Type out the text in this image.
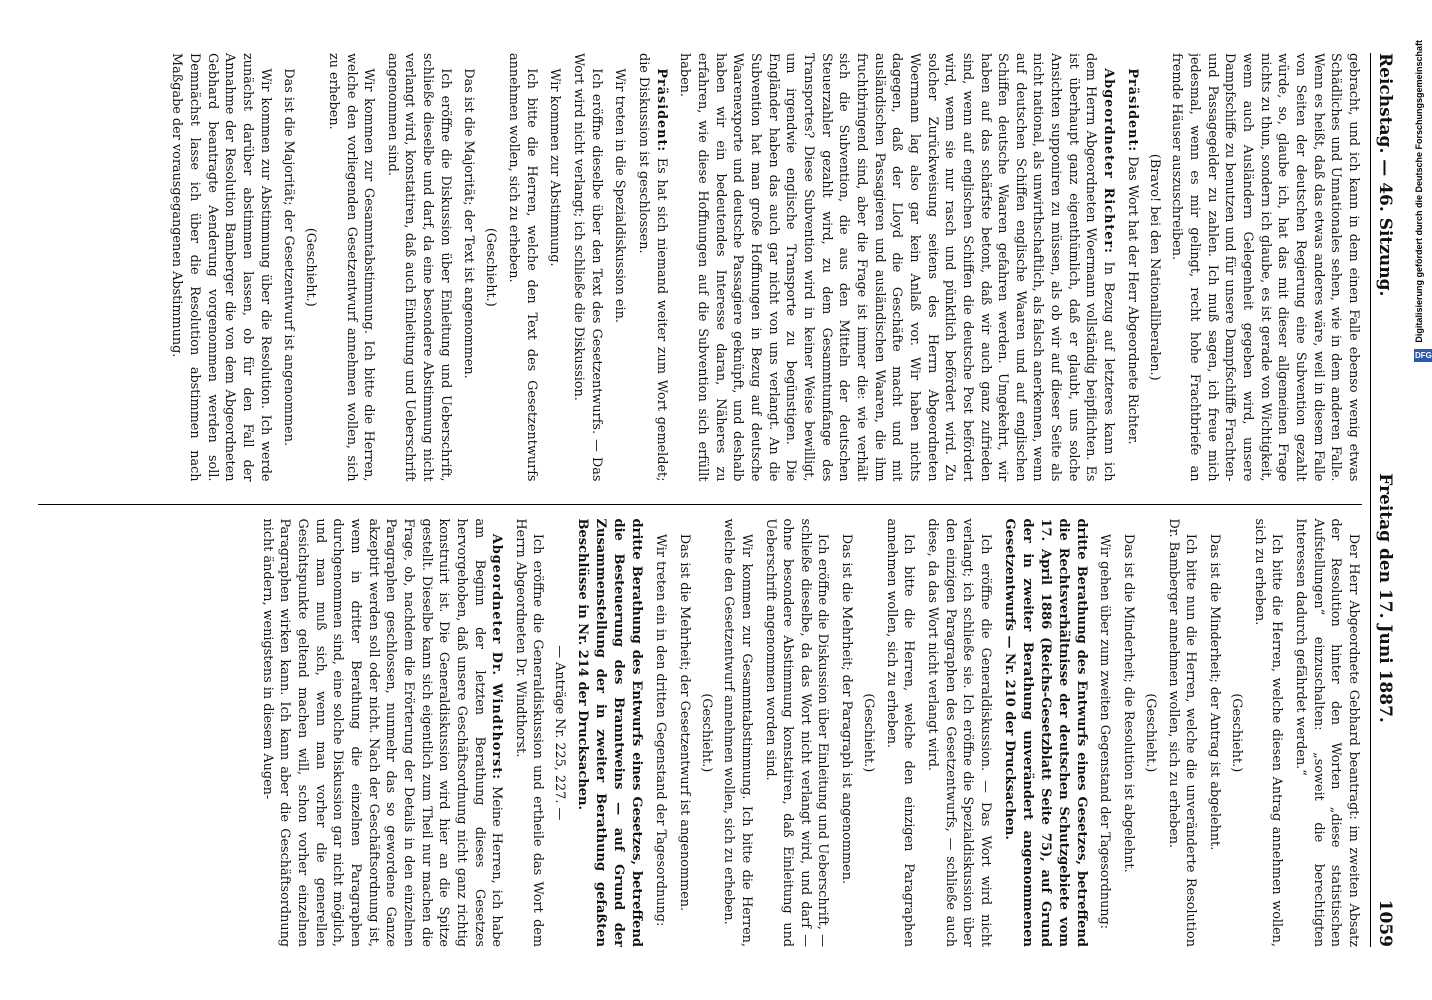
Reichstag. — 46. Sitzung.
Freitag den 17. Juni 1887.
1059

gebracht, und ich kann in dem einen Falle ebenso wenig etwas Schädliches und Unnationales sehen, wie in dem anderen Falle. Wenn es heißt, daß das etwas anderes wäre, weil in diesem Falle von Seiten der deutschen Regierung eine Subvention gezahlt würde, so, glaube ich, hat das mit dieser allgemeinen Frage nichts zu thun, sondern ich glaube, es ist gerade von Wichtigkeit, wenn auch Ausländern Gelegenheit gegeben wird, unsere Dampfschiffe zu benutzen und für unsere Dampfschiffe Frachten- und Passagegelder zu zahlen. Ich muß sagen, ich freue mich jedesmal, wenn es mir gelingt, recht hohe Frachtbriefe an fremde Häuser auszuschreiben.

(Bravo! bei den Nationalliberalen.)

Präsident: Das Wort hat der Herr Abgeordnete Richter.

Abgeordneter Richter: In Bezug auf letzteres kann ich dem Herrn Abgeordneten Woermann vollständig beipflichten. Es ist überhaupt ganz eigenthümlich, daß er glaubt, uns solche Ansichten supponiren zu müssen, als ob wir auf dieser Seite als nicht national, als unwirthschaftlich, als falsch anerkennen, wenn auf deutschen Schiffen englische Waaren und auf englischen Schiffen deutsche Waaren gefahren werden. Umgekehrt, wir haben auf das schärfste betont, daß wir auch ganz zufrieden sind, wenn auf englischen Schiffen die deutsche Post befördert wird, wenn sie nur rasch und pünktlich befördert wird. Zu solcher Zurückweisung seitens des Herrn Abgeordneten Woermann lag also gar kein Anlaß vor. Wir haben nichts dagegen, daß der Lloyd die Geschäfte macht und mit ausländischen Passagieren und ausländischen Waaren, die ihm fruchtbringend sind, aber die Frage ist immer die: wie verhält sich die Subvention, die aus den Mitteln der deutschen Steuerzahler gezahlt wird, zu dem Gesammtumfange des Transportes? Diese Subvention wird in keiner Weise bewilligt, um irgendwie englische Transporte zu begünstigen. Die Engländer haben das auch gar nicht von uns verlangt. An die Subvention hat man große Hoffnungen in Bezug auf deutsche Waarenexporte und deutsche Passagiere geknüpft, und deshalb haben wir ein bedeutendes Interesse daran, Näheres zu erfahren, wie diese Hoffnungen auf die Subvention sich erfüllt haben.

Präsident: Es hat sich niemand weiter zum Wort gemeldet; die Diskussion ist geschlossen.

Wir treten in die Spezialdiskussion ein.

Ich eröffne dieselbe über den Text des Gesetzentwurfs. — Das Wort wird nicht verlangt; ich schließe die Diskussion.

Wir kommen zur Abstimmung.

Ich bitte die Herren, welche den Text des Gesetzentwurfs annehmen wollen, sich zu erheben.

(Geschieht.)

Das ist die Majorität; der Text ist angenommen.

Ich eröffne die Diskussion über Einleitung und Ueberschrift, schließe dieselbe und darf, da eine besondere Abstimmung nicht verlangt wird, konstatiren, daß auch Einleitung und Ueberschrift angenommen sind.

Wir kommen zur Gesammtabstimmung. Ich bitte die Herren, welche den vorliegenden Gesetzentwurf annehmen wollen, sich zu erheben.

(Geschieht.)

Das ist die Majorität; der Gesetzentwurf ist angenommen.

Wir kommen zur Abstimmung über die Resolution. Ich werde zunächst darüber abstimmen lassen, ob für den Fall der Annahme der Resolution Bamberger die von dem Abgeordneten Gebhard beantragte Aenderung vorgenommen werden soll. Demnächst lasse ich über die Resolution abstimmen nach Maßgabe der vorausgegangenen Abstimmung.

Der Herr Abgeordnete Gebhard beantragt: im zweiten Absatz der Resolution hinter den Worten „diese statistischen Aufstellungen“ einzuschalten: „soweit die berechtigten Interessen dadurch gefährdet werden.“

Ich bitte die Herren, welche diesen Antrag annehmen wollen, sich zu erheben.

(Geschieht.)

Das ist die Minderheit; der Antrag ist abgelehnt.

Ich bitte nun die Herren, welche die unveränderte Resolution Dr. Bamberger annehmen wollen, sich zu erheben.

(Geschieht.)

Das ist die Minderheit; die Resolution ist abgelehnt.

Wir gehen über zum zweiten Gegenstand der Tagesordnung:

dritte Berathung des Entwurfs eines Gesetzes, betreffend die Rechtsverhältnisse der deutschen Schutzgebiete vom 17. April 1886 (Reichs-Gesetzblatt Seite 75), auf Grund der in zweiter Berathung unverändert angenommenen Gesetzentwurfs — Nr. 210 der Drucksachen.

Ich eröffne die Generaldiskussion. — Das Wort wird nicht verlangt; ich schließe sie. Ich eröffne die Spezialdiskussion über den einzigen Paragraphen des Gesetzentwurfs, — schließe auch diese, da das Wort nicht verlangt wird.

Ich bitte die Herren, welche den einzigen Paragraphen annehmen wollen, sich zu erheben.

(Geschieht.)

Das ist die Mehrheit; der Paragraph ist angenommen.

Ich eröffne die Diskussion über Einleitung und Ueberschrift, — schließe dieselbe, da das Wort nicht verlangt wird, und darf — ohne besondere Abstimmung konstatiren, daß Einleitung und Ueberschrift angenommen worden sind.

Wir kommen zur Gesammtabstimmung. Ich bitte die Herren, welche den Gesetzentwurf annehmen wollen, sich zu erheben.

(Geschieht.)

Das ist die Mehrheit; der Gesetzentwurf ist angenommen.

Wir treten ein in den dritten Gegenstand der Tagesordnung:

dritte Berathung des Entwurfs eines Gesetzes, betreffend die Besteuerung des Branntweins — auf Grund der Zusammenstellung der in zweiter Berathung gefaßten Beschlüsse in Nr. 214 der Drucksachen.

— Anträge Nr. 225, 227. —

Ich eröffne die Generaldiskussion und ertheile das Wort dem Herrn Abgeordneten Dr. Windthorst.

Abgeordneter Dr. Windthorst: Meine Herren, ich habe am Beginn der letzten Berathung dieses Gesetzes hervorgehoben, daß unsere Geschäftsordnung nicht ganz richtig konstruirt ist. Die Generaldiskussion wird hier an die Spitze gestellt. Dieselbe kann sich eigentlich zum Theil nur machen die Frage, ob, nachdem die Erörterung der Details in den einzelnen Paragraphen geschlossen, nunmehr das so gewordene Ganze akzeptirt werden soll oder nicht. Nach der Geschäftsordnung ist, wenn in dritter Berathung die einzelnen Paragraphen durchgenommen sind, eine solche Diskussion gar nicht möglich, und man muß sich, wenn man vorher die generellen Gesichtspunkte geltend machen will, schon vorher einzelnen Paragraphen wirken kann. Ich kann aber die Geschäftsordnung nicht ändern, wenigstens in diesem Augen-

Digitalisierung gefördert durch die Deutsche Forschungsgemeinschaft
DFG
